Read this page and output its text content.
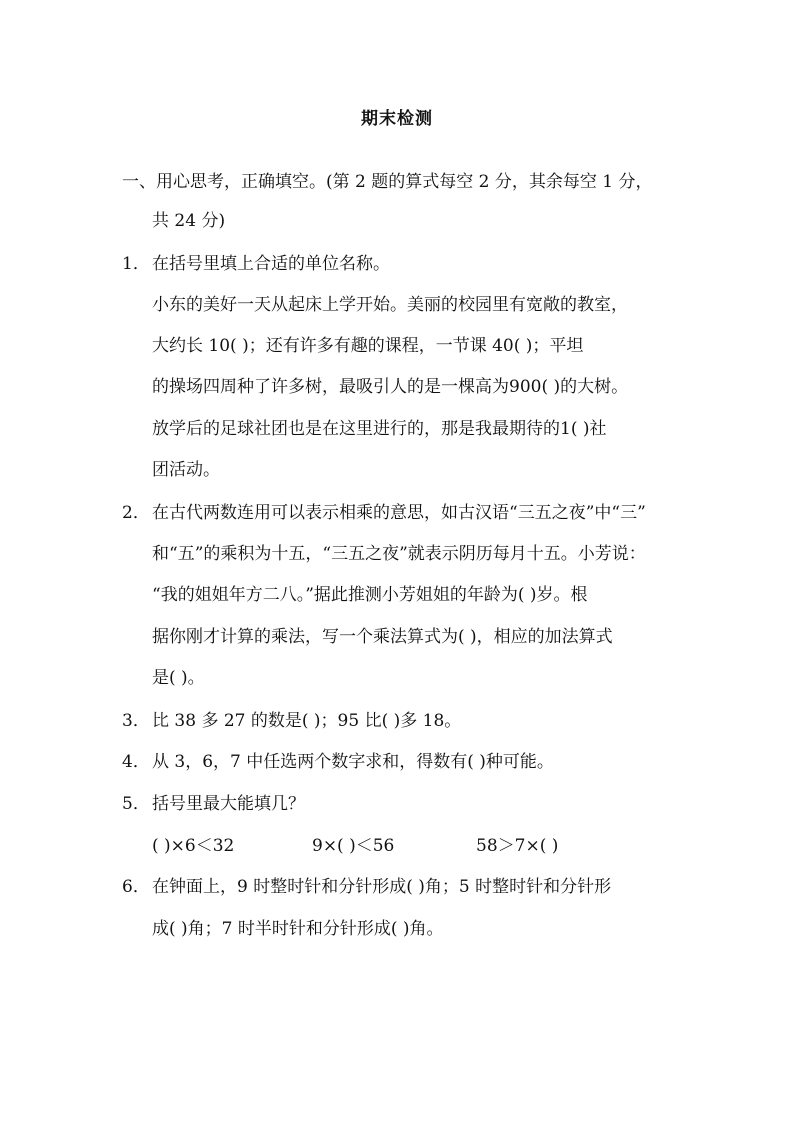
期末检测
一、用心思考，正确填空。(第 2 题的算式每空 2 分，其余每空 1 分，
共 24 分)
1． 在括号里填上合适的单位名称。
小东的美好一天从起床上学开始。美丽的校园里有宽敞的教室，
大约长 10( )；还有许多有趣的课程，一节课 40( )；平坦
的操场四周种了许多树，最吸引人的是一棵高为900( )的大树。
放学后的足球社团也是在这里进行的，那是我最期待的1( )社
团活动。
2． 在古代两数连用可以表示相乘的意思，如古汉语“三五之夜”中“三”
和“五”的乘积为十五，“三五之夜”就表示阴历每月十五。小芳说：
“我的姐姐年方二八。”据此推测小芳姐姐的年龄为( )岁。根
据你刚才计算的乘法，写一个乘法算式为( )，相应的加法算式
是( )。
3． 比 38 多 27 的数是( )；95 比( )多 18。
4． 从 3，6，7 中任选两个数字求和，得数有( )种可能。
5． 括号里最大能填几？
( )×6＜32	9×( )＜56	58＞7×( )
6． 在钟面上，9 时整时针和分针形成( )角；5 时整时针和分针形
成( )角；7 时半时针和分针形成( )角。
